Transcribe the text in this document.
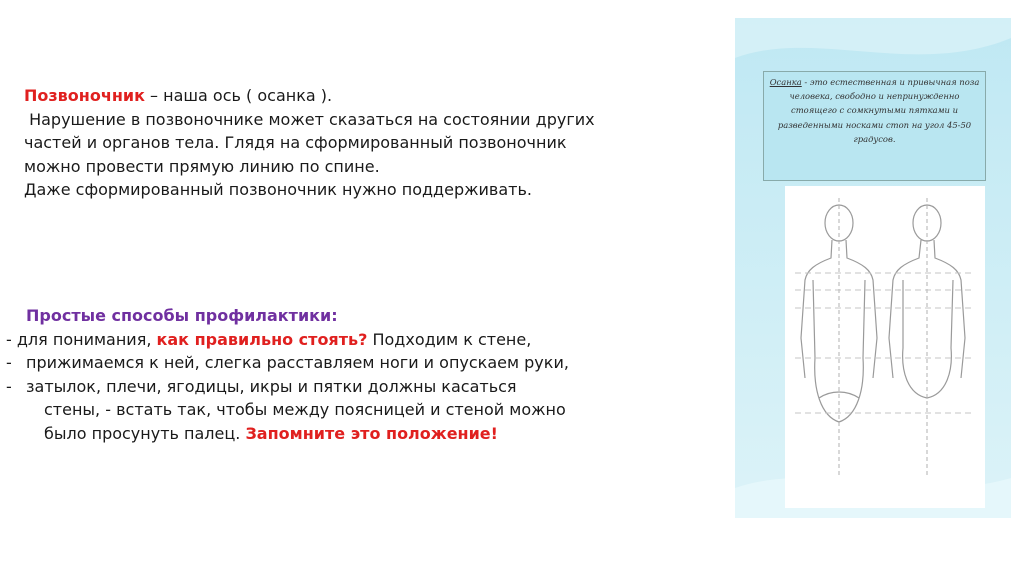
Позвоночник – наша ось ( осанка ).

Нарушение в позвоночнике может сказаться на состоянии других

частей и органов тела. Глядя на сформированный позвоночник

можно провести прямую линию по спине.

Даже сформированный позвоночник нужно поддерживать.

Простые способы профилактики:

- для понимания, как правильно стоять? Подходим к стене,

- прижимаемся к ней, слегка расставляем ноги и опускаем руки,

- затылок, плечи, ягодицы, икры и пятки должны касаться

стены, - встать так, чтобы между поясницей и стеной можно

было просунуть палец. Запомните это положение!

Осанка - это естественная и привычная поза человека, свободно и непринужденно стоящего с сомкнутыми пятками и разведенными носками стоп на угол 45-50 градусов.
